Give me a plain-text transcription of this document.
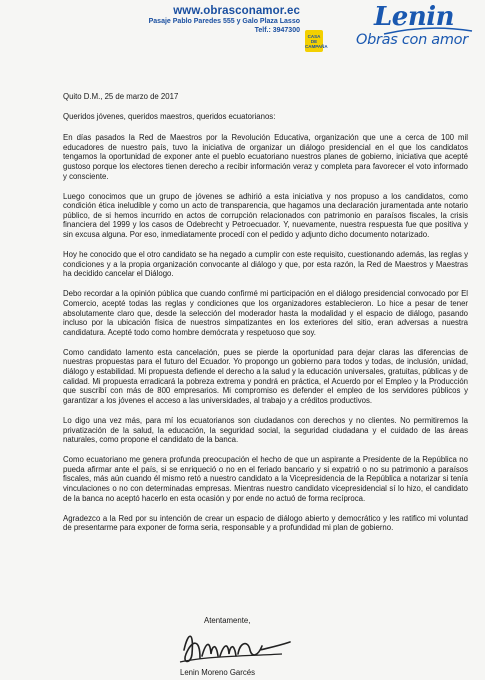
www.obrasconamor.ec
Pasaje Pablo Paredes 555 y Galo Plaza Lasso
Telf.: 3947300
CASA DE CAMPAÑA
Lenin
Obras con amor

Quito D.M., 25 de marzo de 2017

Queridos jóvenes, queridos maestros, queridos ecuatorianos:

En días pasados la Red de Maestros por la Revolución Educativa, organización que une a cerca de 100 mil educadores de nuestro país, tuvo la iniciativa de organizar un diálogo presidencial en el que los candidatos tengamos la oportunidad de exponer ante el pueblo ecuatoriano nuestros planes de gobierno, iniciativa que acepté gustoso porque los electores tienen derecho a recibir información veraz y completa para favorecer el voto informado y consciente.

Luego conocimos que un grupo de jóvenes se adhirió a esta iniciativa y nos propuso a los candidatos, como condición ética ineludible y como un acto de transparencia, que hagamos una declaración juramentada ante notario público, de si hemos incurrido en actos de corrupción relacionados con patrimonio en paraísos fiscales, la crisis financiera del 1999 y los casos de Odebrecht y Petroecuador. Y, nuevamente, nuestra respuesta fue que positiva y sin excusa alguna. Por eso, inmediatamente procedí con el pedido y adjunto dicho documento notarizado.

Hoy he conocido que el otro candidato se ha negado a cumplir con este requisito, cuestionando además, las reglas y condiciones y a la propia organización convocante al diálogo y que, por esta razón, la Red de Maestros y Maestras ha decidido cancelar el Diálogo.

Debo recordar a la opinión pública que cuando confirmé mi participación en el diálogo presidencial convocado por El Comercio, acepté todas las reglas y condiciones que los organizadores establecieron. Lo hice a pesar de tener absolutamente claro que, desde la selección del moderador hasta la modalidad y el espacio de diálogo, pasando incluso por la ubicación física de nuestros simpatizantes en los exteriores del sitio, eran adversas a nuestra candidatura. Acepté todo como hombre demócrata y respetuoso que soy.

Como candidato lamento esta cancelación, pues se pierde la oportunidad para dejar claras las diferencias de nuestras propuestas para el futuro del Ecuador. Yo propongo un gobierno para todos y todas, de inclusión, unidad, diálogo y estabilidad. Mi propuesta defiende el derecho a la salud y la educación universales, gratuitas, públicas y de calidad. Mi propuesta erradicará la pobreza extrema y pondrá en práctica, el Acuerdo por el Empleo y la Producción que suscribí con más de 800 empresarios. Mi compromiso es defender el empleo de los servidores públicos y garantizar a los jóvenes el acceso a las universidades, al trabajo y a créditos productivos.

Lo digo una vez más, para mí los ecuatorianos son ciudadanos con derechos y no clientes. No permitiremos la privatización de la salud, la educación, la seguridad social, la seguridad ciudadana y el cuidado de las áreas naturales, como propone el candidato de la banca.

Como ecuatoriano me genera profunda preocupación el hecho de que un aspirante a Presidente de la República no pueda afirmar ante el país, si se enriqueció o no en el feriado bancario y si expatrió o no su patrimonio a paraísos fiscales, más aún cuando él mismo retó a nuestro candidato a la Vicepresidencia de la República a notarizar si tenía vinculaciones o no con determinadas empresas. Mientras nuestro candidato vicepresidencial sí lo hizo, el candidato de la banca no aceptó hacerlo en esta ocasión y por ende no actuó de forma recíproca.

Agradezco a la Red por su intención de crear un espacio de diálogo abierto y democrático y les ratifico mi voluntad de presentarme para exponer de forma seria, responsable y a profundidad mi plan de gobierno.

Atentamente,
Lenin Moreno Garcés
